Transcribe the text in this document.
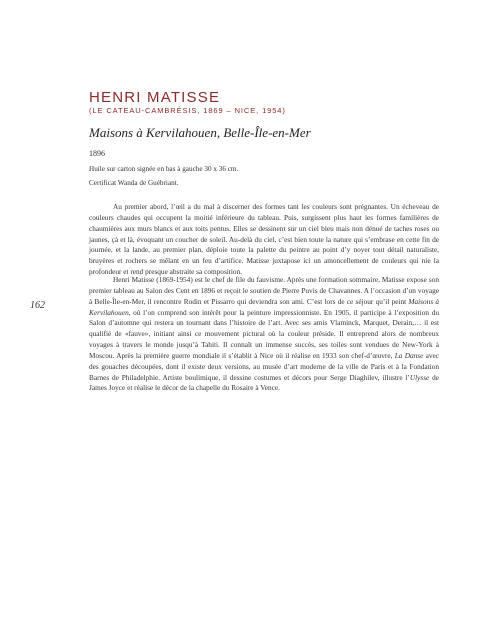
HENRI MATISSE
(LE CATEAU-CAMBRÉSIS, 1869 – NICE, 1954)
Maisons à Kervilahouen, Belle-Île-en-Mer
1896
Huile sur carton signée en bas à gauche 30 x 36 cm.
Certificat Wanda de Guébriant.

Au premier abord, l’œil a du mal à discerner des formes tant les couleurs sont prégnantes. Un écheveau de couleurs chaudes qui occupent la moitié inférieure du tableau. Puis, surgissent plus haut les formes familières de chaumières aux murs blancs et aux toits pentus. Elles se dessinent sur un ciel bleu mais non dénué de taches roses ou jaunes, çà et là, évoquant un coucher de soleil. Au-delà du ciel, c’est bien toute la nature qui s’embrase en cette fin de journée, et la lande, au premier plan, déploie toute la palette du peintre au point d’y noyer tout détail naturaliste, bruyères et rochers se mêlant en un feu d’artifice. Matisse juxtapose ici un amoncellement de couleurs qui nie la profondeur et rend presque abstraite sa composition.

Henri Matisse (1869-1954) est le chef de file du fauvisme. Après une formation sommaire, Matisse expose son premier tableau au Salon des Cent en 1896 et reçoit le soutien de Pierre Puvis de Chavannes. A l’occasion d’un voyage à Belle-Île-en-Mer, il rencontre Rodin et Pissarro qui deviendra son ami. C’est lors de ce séjour qu’il peint Maisons à Kervilahouen, où l’on comprend son intérêt pour la peinture impressionniste. En 1905, il participe à l’exposition du Salon d’automne qui restera un tournant dans l’histoire de l’art. Avec ses amis Vlaminck, Marquet, Derain,… il est qualifié de «fauve», initiant ainsi ce mouvement pictural où la couleur préside. Il entreprend alors de nombreux voyages à travers le monde jusqu’à Tahiti. Il connaît un immense succès, ses toiles sont vendues de New-York à Moscou. Après la première guerre mondiale il s’établit à Nice où il réalise en 1933 son chef-d’œuvre, La Danse avec des gouaches découpées, dont il existe deux versions, au musée d’art moderne de la ville de Paris et à la Fondation Barnes de Philadelphie. Artiste boulimique, il dessine costumes et décors pour Serge Diaghilev, illustre l’Ulysse de James Joyce et réalise le décor de la chapelle du Rosaire à Vence.

162
